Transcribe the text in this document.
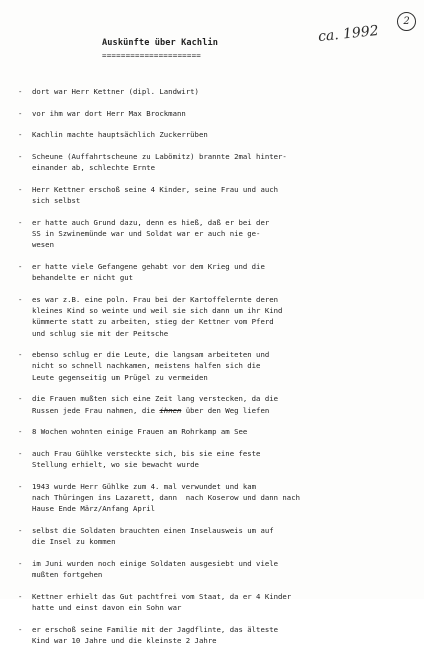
2
ca. 1992
Auskünfte über Kachlin
=====================
-	dort war Herr Kettner (dipl. Landwirt)
-	vor ihm war dort Herr Max Brockmann
-	Kachlin machte hauptsächlich Zuckerrüben
-	Scheune (Auffahrtscheune zu Labömitz) brannte 2mal hinter-
einander ab, schlechte Ernte
-	Herr Kettner erschoß seine 4 Kinder, seine Frau und auch
sich selbst
-	er hatte auch Grund dazu, denn es hieß, daß er bei der
SS in Szwinemünde war und Soldat war er auch nie ge-
wesen
-	er hatte viele Gefangene gehabt vor dem Krieg und die
behandelte er nicht gut
-	es war z.B. eine poln. Frau bei der Kartoffelernte deren
kleines Kind so weinte und weil sie sich dann um ihr Kind
kümmerte statt zu arbeiten, stieg der Kettner vom Pferd
und schlug sie mit der Peitsche
-	ebenso schlug er die Leute, die langsam arbeiteten und
nicht so schnell nachkamen, meistens halfen sich die
Leute gegenseitig um Prügel zu vermeiden
-	die Frauen mußten sich eine Zeit lang verstecken, da die
Russen jede Frau nahmen, die ihnen über den Weg liefen
-	8 Wochen wohnten einige Frauen am Rohrkamp am See
-	auch Frau Gühlke versteckte sich, bis sie eine feste
Stellung erhielt, wo sie bewacht wurde
-	1943 wurde Herr Gühlke zum 4. mal verwundet und kam
nach Thüringen ins Lazarett, dann  nach Koserow und dann nach
Hause Ende März/Anfang April
-	selbst die Soldaten brauchten einen Inselausweis um auf
die Insel zu kommen
-	im Juni wurden noch einige Soldaten ausgesiebt und viele
mußten fortgehen
-	Kettner erhielt das Gut pachtfrei vom Staat, da er 4 Kinder
hatte und einst davon ein Sohn war
-	er erschoß seine Familie mit der Jagdflinte, das älteste
Kind war 10 Jahre und die kleinste 2 Jahre
